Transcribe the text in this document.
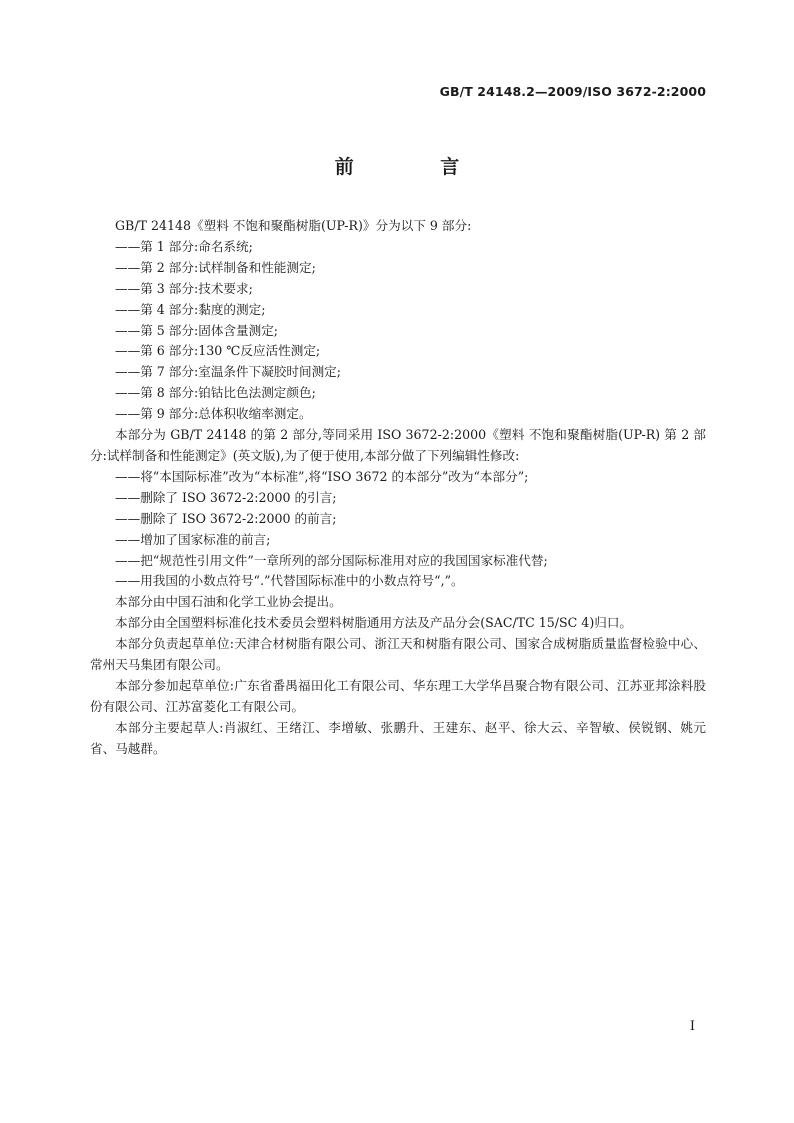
GB/T 24148.2—2009/ISO 3672-2:2000
前 言

GB/T 24148《塑料 不饱和聚酯树脂(UP-R)》分为以下 9 部分:

——第 1 部分:命名系统;

——第 2 部分:试样制备和性能测定;

——第 3 部分:技术要求;

——第 4 部分:黏度的测定;

——第 5 部分:固体含量测定;

——第 6 部分:130 ℃反应活性测定;

——第 7 部分:室温条件下凝胶时间测定;

——第 8 部分:铂钴比色法测定颜色;

——第 9 部分:总体积收缩率测定。

本部分为 GB/T 24148 的第 2 部分,等同采用 ISO 3672-2:2000《塑料 不饱和聚酯树脂(UP-R) 第 2 部分:试样制备和性能测定》(英文版),为了便于使用,本部分做了下列编辑性修改:

——将“本国际标准”改为“本标准”,将“ISO 3672 的本部分”改为“本部分”;

——删除了 ISO 3672-2:2000 的引言;

——删除了 ISO 3672-2:2000 的前言;

——增加了国家标准的前言;

——把“规范性引用文件”一章所列的部分国际标准用对应的我国国家标准代替;

——用我国的小数点符号“.”代替国际标准中的小数点符号“,”。

本部分由中国石油和化学工业协会提出。

本部分由全国塑料标准化技术委员会塑料树脂通用方法及产品分会(SAC/TC 15/SC 4)归口。

本部分负责起草单位:天津合材树脂有限公司、浙江天和树脂有限公司、国家合成树脂质量监督检验中心、常州天马集团有限公司。

本部分参加起草单位:广东省番禺福田化工有限公司、华东理工大学华昌聚合物有限公司、江苏亚邦涂料股份有限公司、江苏富菱化工有限公司。

本部分主要起草人:肖淑红、王绪江、李增敏、张鹏升、王建东、赵平、徐大云、辛智敏、侯锐钢、姚元省、马越群。

I
